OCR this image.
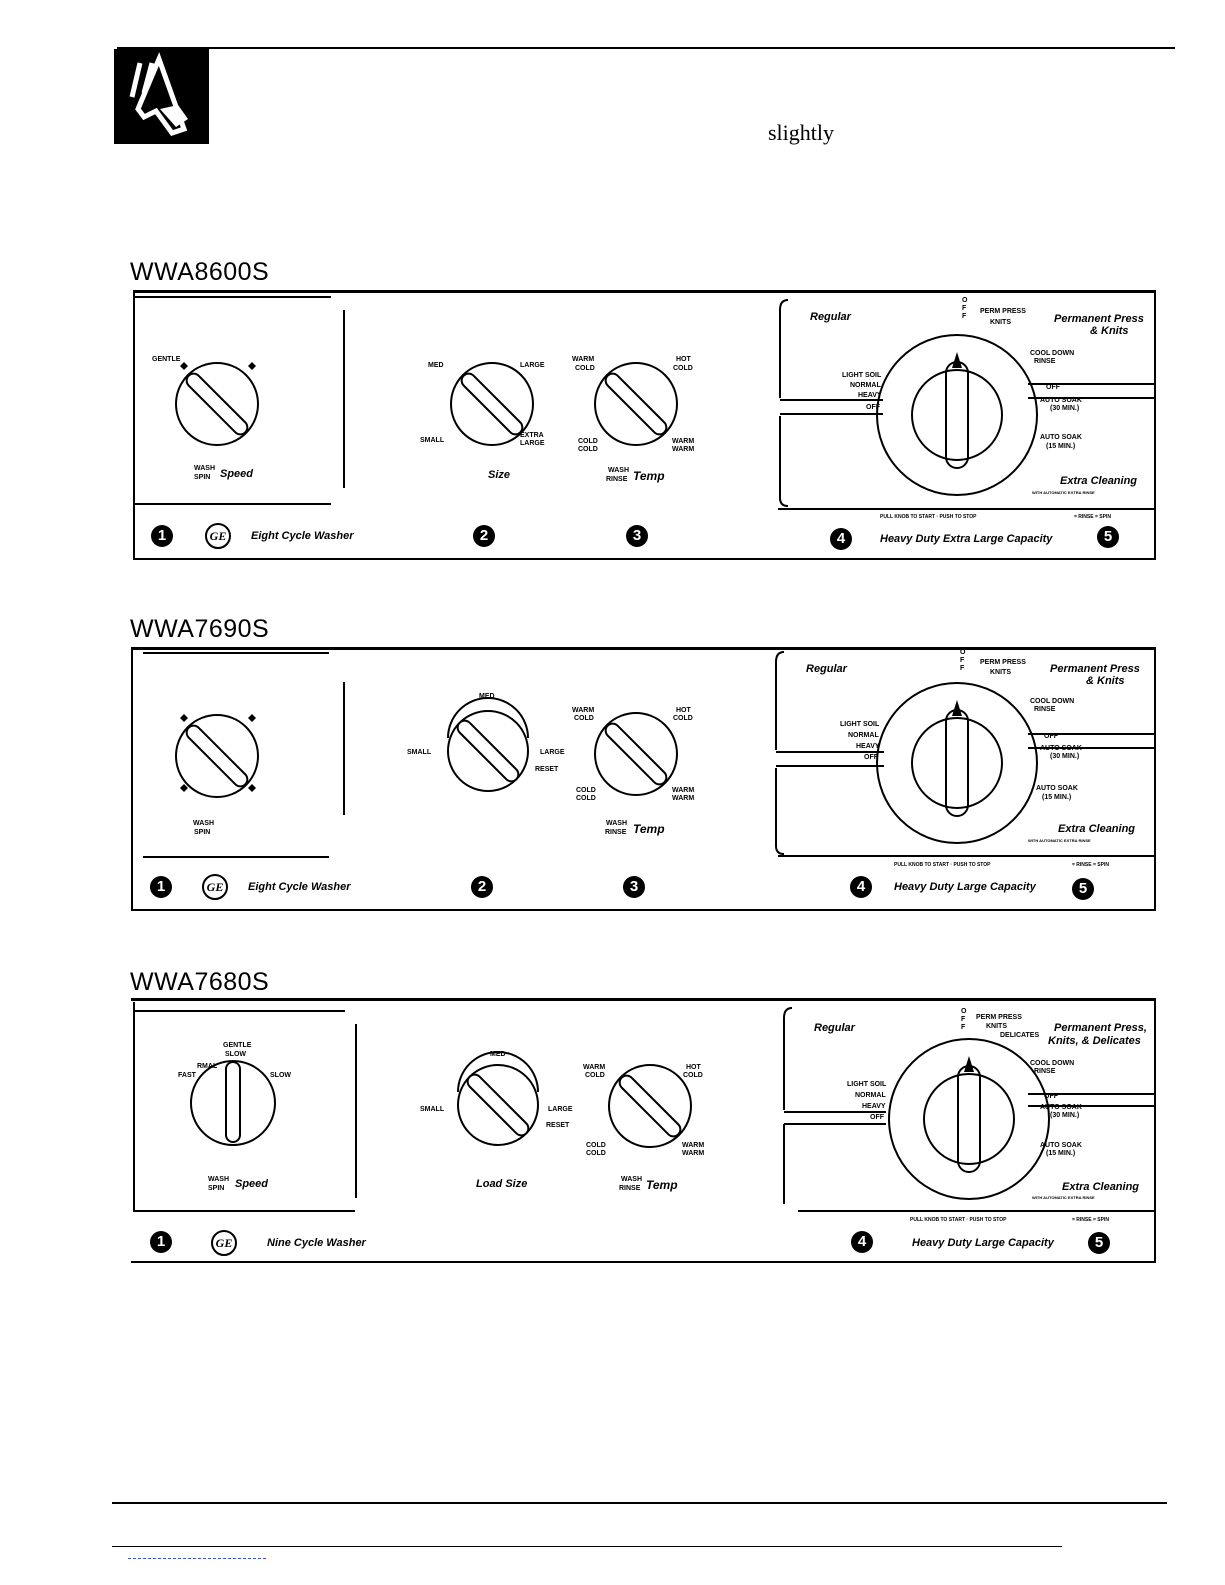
slightly
WWA8600S
GENTLE
WASH
SPIN Speed
MED	LARGE
SMALL
EXTRA
LARGE
Size
WARM
COLD
HOT
COLD
COLD
COLD
WARM
WARM
WASH
RINSE Temp
Regular
OFF
PERM PRESS
KNITS	Permanent Press
& Knits
LIGHT SOIL
NORMAL
HEAVY
OFF
COOL DOWN
RINSE
OFF
AUTO SOAK
(30 MIN.)
AUTO SOAK
(15 MIN.)
Extra Cleaning
WITH AUTOMATIC EXTRA RINSE
PULL KNOB TO START · PUSH TO STOP	= RINSE = SPIN
1	GE	Eight Cycle Washer	2	3	4	Heavy Duty Extra Large Capacity	5
WWA7690S
WASH
SPIN
MED
SMALL	LARGE
RESET
WARM
COLD
HOT
COLD
COLD
COLD
WARM
WARM
WASH
RINSE Temp
Regular
OFF
PERM PRESS
KNITS	Permanent Press
& Knits
LIGHT SOIL
NORMAL
HEAVY
OFF
COOL DOWN
RINSE
OFF
AUTO SOAK
(30 MIN.)
AUTO SOAK
(15 MIN.)
Extra Cleaning
WITH AUTOMATIC EXTRA RINSE
PULL KNOB TO START · PUSH TO STOP	= RINSE = SPIN
1	GE	Eight Cycle Washer	2	3	4	Heavy Duty Large Capacity	5
WWA7680S
GENTLE
SLOW
RMAL
FAST	SLOW
WASH
SPIN Speed
MED
SMALL	LARGE
RESET
Load Size
WARM
COLD
HOT
COLD
COLD
COLD
WARM
WARM
WASH
RINSE Temp
Regular
OFF
PERM PRESS
KNITS
DELICATES
Permanent Press,
Knits, & Delicates
LIGHT SOIL
NORMAL
HEAVY
OFF
COOL DOWN
RINSE
OFF
AUTO SOAK
(30 MIN.)
AUTO SOAK
(15 MIN.)
Extra Cleaning
WITH AUTOMATIC EXTRA RINSE
PULL KNOB TO START · PUSH TO STOP	= RINSE = SPIN
1	GE	Nine Cycle Washer	4	Heavy Duty Large Capacity	5
